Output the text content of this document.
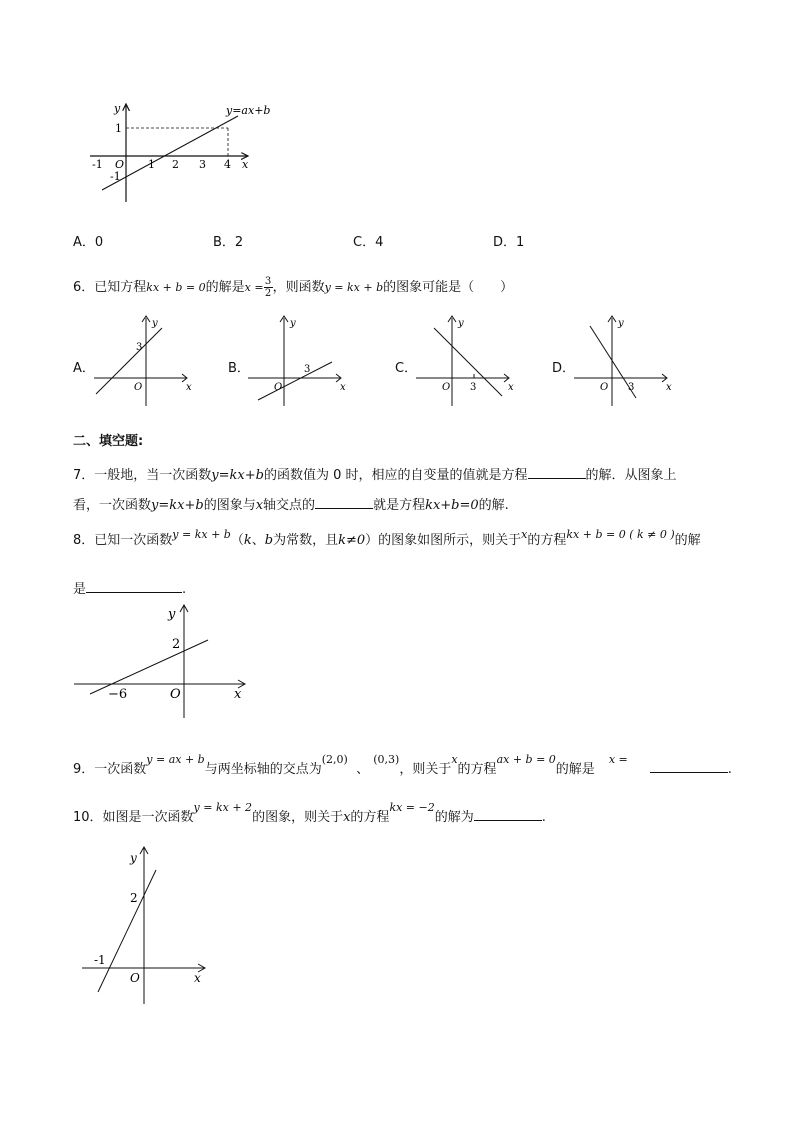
y
x
O
y=ax+b
-1	1 2 3 4
1
-1
A．0	B．2	C．4	D．1
6．已知方程kx + b = 0的解是$x = \frac{3}{2}$ ，则函数y = kx + b的图象可能是（　　）
A．
y
x
O
3
B．
y
x
O
3	C．
y
x
O 3
D．
y
x
O 3
二、填空题:
7．一般地，当一次函数y=kx+b的函数值为 0 时，相应的自变量的值就是方程	的解．从图象上
看，一次函数y=kx+b的图象与x轴交点的	就是方程kx+b=0的解.
8．已知一次函数$^{y = kx + b}$（k、b为常数，且k≠0）的图象如图所示，则关于$^x$的方程$^{kx + b = 0 ( k \ne 0 )}$的解
是	.
y
x
O
2
−6
9．一次函数$^{y = ax + b}$与两坐标轴的交点为$^{(2,0)}$  、 $^{(0,3)}$，则关于$^x$的方程$^{ax + b = 0}$的解是$^{x =}$.
10．如图是一次函数$^{y = kx + 2}$的图象，则关于x的方程$^{kx = -2}$的解为	.
y
x
O
2
-1
